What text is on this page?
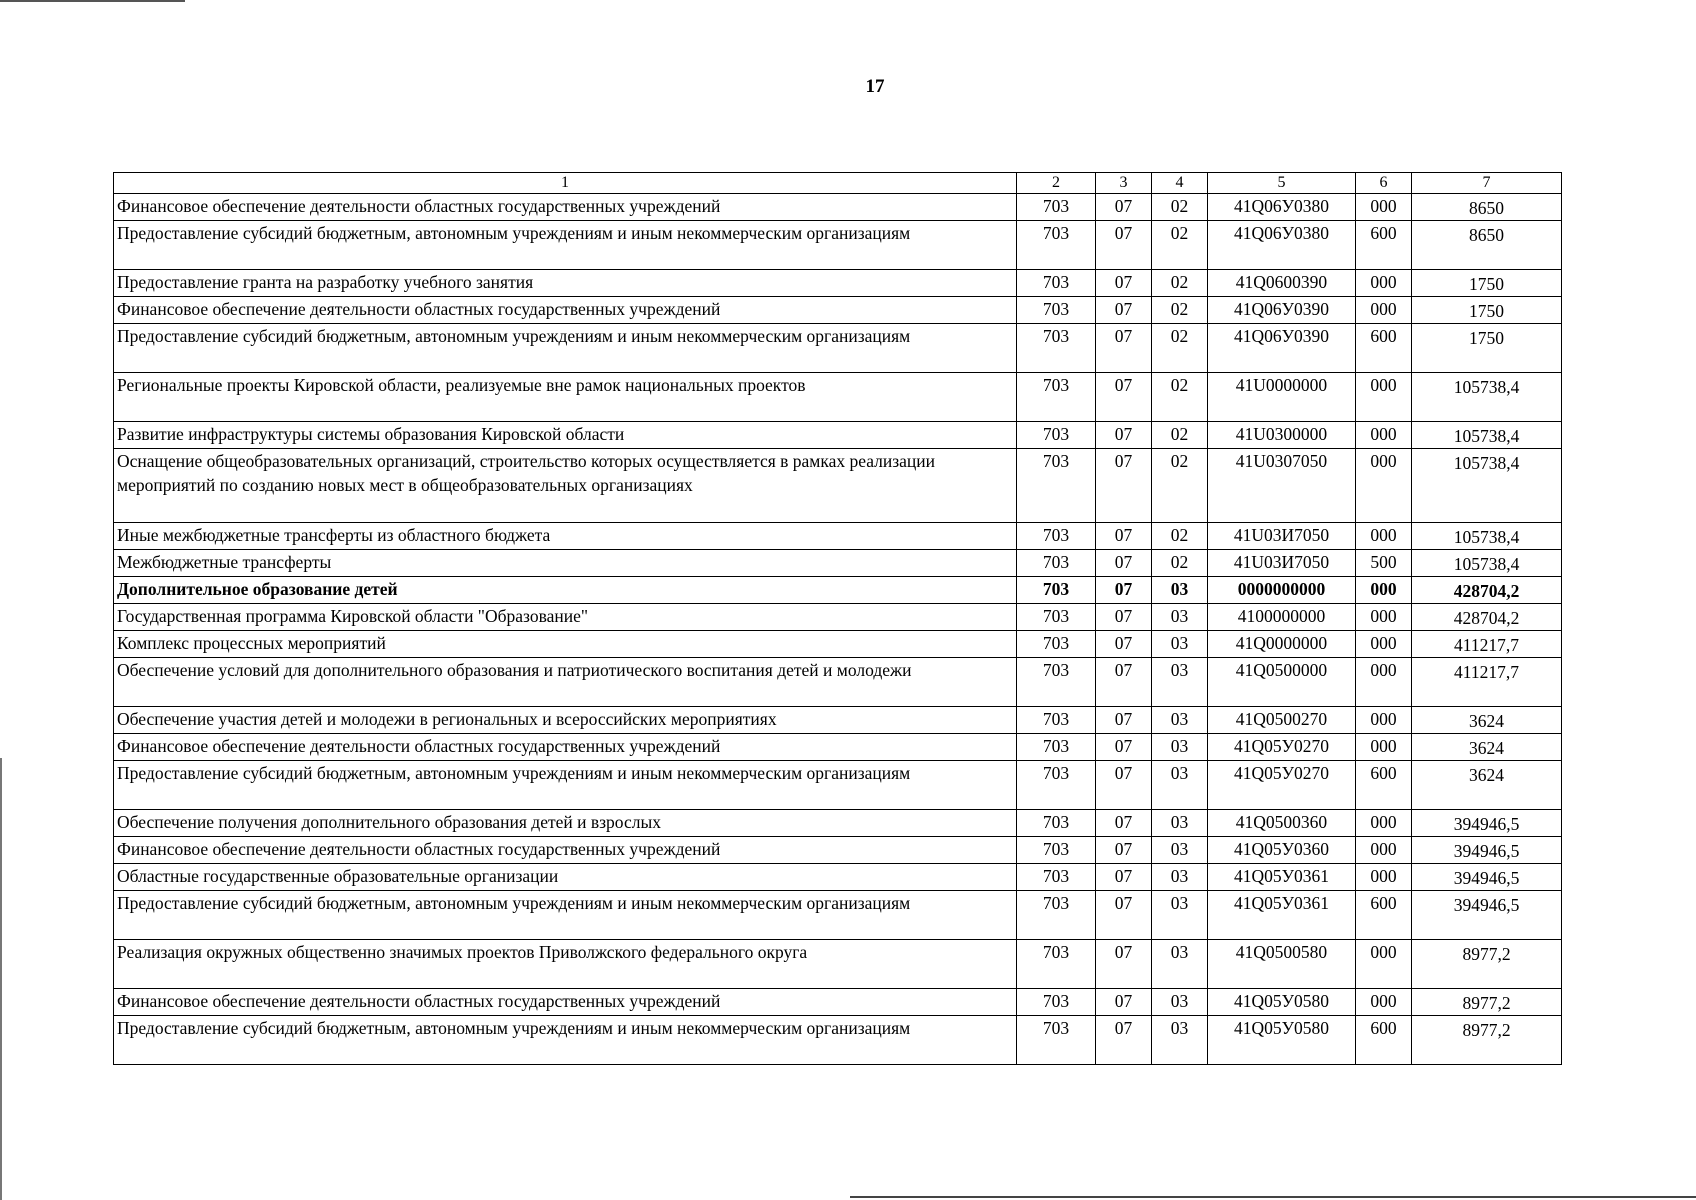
17
1	2	3	4	5	6	7
Финансовое обеспечение деятельности областных государственных учреждений	703	07	02	41Q06У0380	000	8650
Предоставление субсидий бюджетным, автономным учреждениям и иным некоммерческим организациям	703	07	02	41Q06У0380	600	8650
Предоставление гранта на разработку учебного занятия	703	07	02	41Q0600390	000	1750
Финансовое обеспечение деятельности областных государственных учреждений	703	07	02	41Q06У0390	000	1750
Предоставление субсидий бюджетным, автономным учреждениям и иным некоммерческим организациям	703	07	02	41Q06У0390	600	1750
Региональные проекты Кировской области, реализуемые вне рамок национальных проектов	703	07	02	41U0000000	000	105738,4
Развитие инфраструктуры системы образования Кировской области	703	07	02	41U0300000	000	105738,4
Оснащение общеобразовательных организаций, строительство которых осуществляется в рамках реализации мероприятий по созданию новых мест в общеобразовательных организациях	703	07	02	41U0307050	000	105738,4
Иные межбюджетные трансферты из областного бюджета	703	07	02	41U03И7050	000	105738,4
Межбюджетные трансферты	703	07	02	41U03И7050	500	105738,4
Дополнительное образование детей	703	07	03	0000000000	000	428704,2
Государственная программа Кировской области "Образование"	703	07	03	4100000000	000	428704,2
Комплекс процессных мероприятий	703	07	03	41Q0000000	000	411217,7
Обеспечение условий для дополнительного образования и патриотического воспитания детей и молодежи	703	07	03	41Q0500000	000	411217,7
Обеспечение участия детей и молодежи в региональных и всероссийских мероприятиях	703	07	03	41Q0500270	000	3624
Финансовое обеспечение деятельности областных государственных учреждений	703	07	03	41Q05У0270	000	3624
Предоставление субсидий бюджетным, автономным учреждениям и иным некоммерческим организациям	703	07	03	41Q05У0270	600	3624
Обеспечение получения дополнительного образования детей и взрослых	703	07	03	41Q0500360	000	394946,5
Финансовое обеспечение деятельности областных государственных учреждений	703	07	03	41Q05У0360	000	394946,5
Областные государственные образовательные организации	703	07	03	41Q05У0361	000	394946,5
Предоставление субсидий бюджетным, автономным учреждениям и иным некоммерческим организациям	703	07	03	41Q05У0361	600	394946,5
Реализация окружных общественно значимых проектов Приволжского федерального округа	703	07	03	41Q0500580	000	8977,2
Финансовое обеспечение деятельности областных государственных учреждений	703	07	03	41Q05У0580	000	8977,2
Предоставление субсидий бюджетным, автономным учреждениям и иным некоммерческим организациям	703	07	03	41Q05У0580	600	8977,2
